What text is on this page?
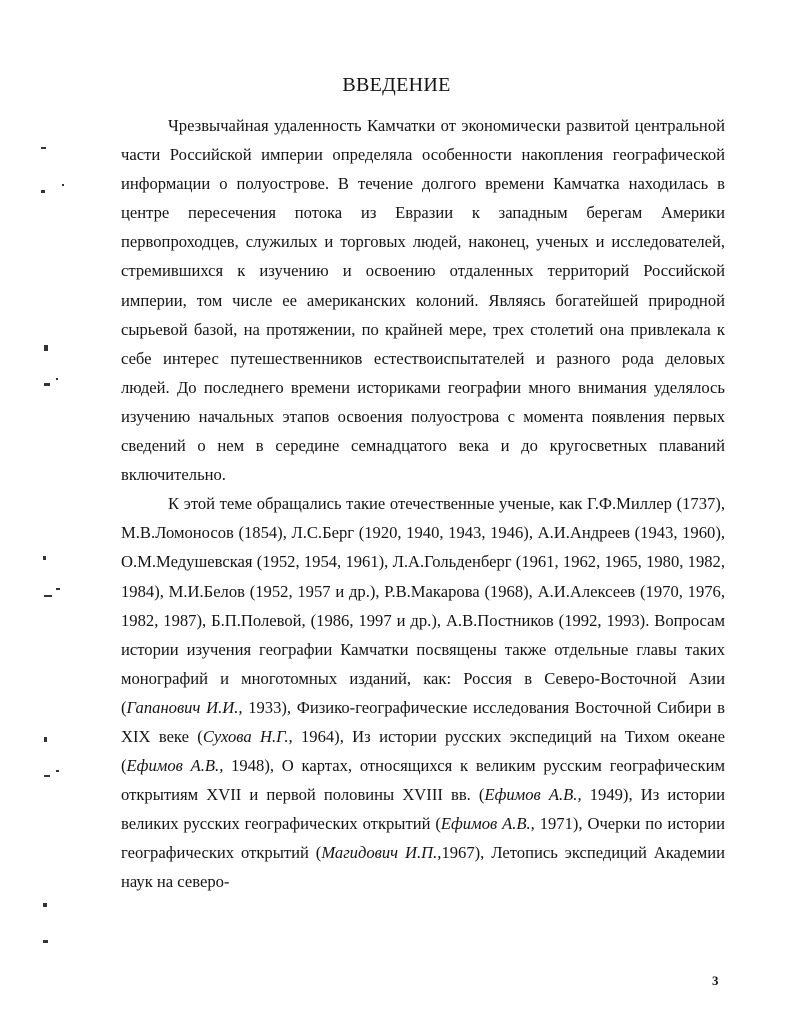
ВВЕДЕНИЕ

Чрезвычайная удаленность Камчатки от экономически развитой центральной части Российской империи определяла особенности накопления географической информации о полуострове. В течение долгого времени Камчатка находилась в центре пересечения потока из Евразии к западным берегам Америки первопроходцев, служилых и торговых людей, наконец, ученых и исследователей, стремившихся к изучению и освоению отдаленных территорий Российской империи, том числе ее американских колоний. Являясь богатейшей природной сырьевой базой, на протяжении, по крайней мере, трех столетий она привлекала к себе интерес путешественников естествоиспытателей и разного рода деловых людей. До последнего времени историками географии много внимания уделялось изучению начальных этапов освоения полуострова с момента появления первых сведений о нем в середине семнадцатого века и до кругосветных плаваний включительно.

К этой теме обращались такие отечественные ученые, как Г.Ф.Миллер (1737), М.В.Ломоносов (1854), Л.С.Берг (1920, 1940, 1943, 1946), А.И.Андреев (1943, 1960), О.М.Медушевская (1952, 1954, 1961), Л.А.Гольденберг (1961, 1962, 1965, 1980, 1982, 1984), М.И.Белов (1952, 1957 и др.), Р.В.Макарова (1968), А.И.Алексеев (1970, 1976, 1982, 1987), Б.П.Полевой, (1986, 1997 и др.), А.В.Постников (1992, 1993). Вопросам истории изучения географии Камчатки посвящены также отдельные главы таких монографий и многотомных изданий, как: Россия в Северо-Восточной Азии (Гапанович И.И., 1933), Физико-географические исследования Восточной Сибири в XIX веке (Сухова Н.Г., 1964), Из истории русских экспедиций на Тихом океане (Ефимов А.В., 1948), О картах, относящихся к великим русским географическим открытиям XVII и первой половины XVIII вв. (Ефимов А.В., 1949), Из истории великих русских географических открытий (Ефимов А.В., 1971), Очерки по истории географических открытий (Магидович И.П.,1967), Летопись экспедиций Академии наук на северо-

3
